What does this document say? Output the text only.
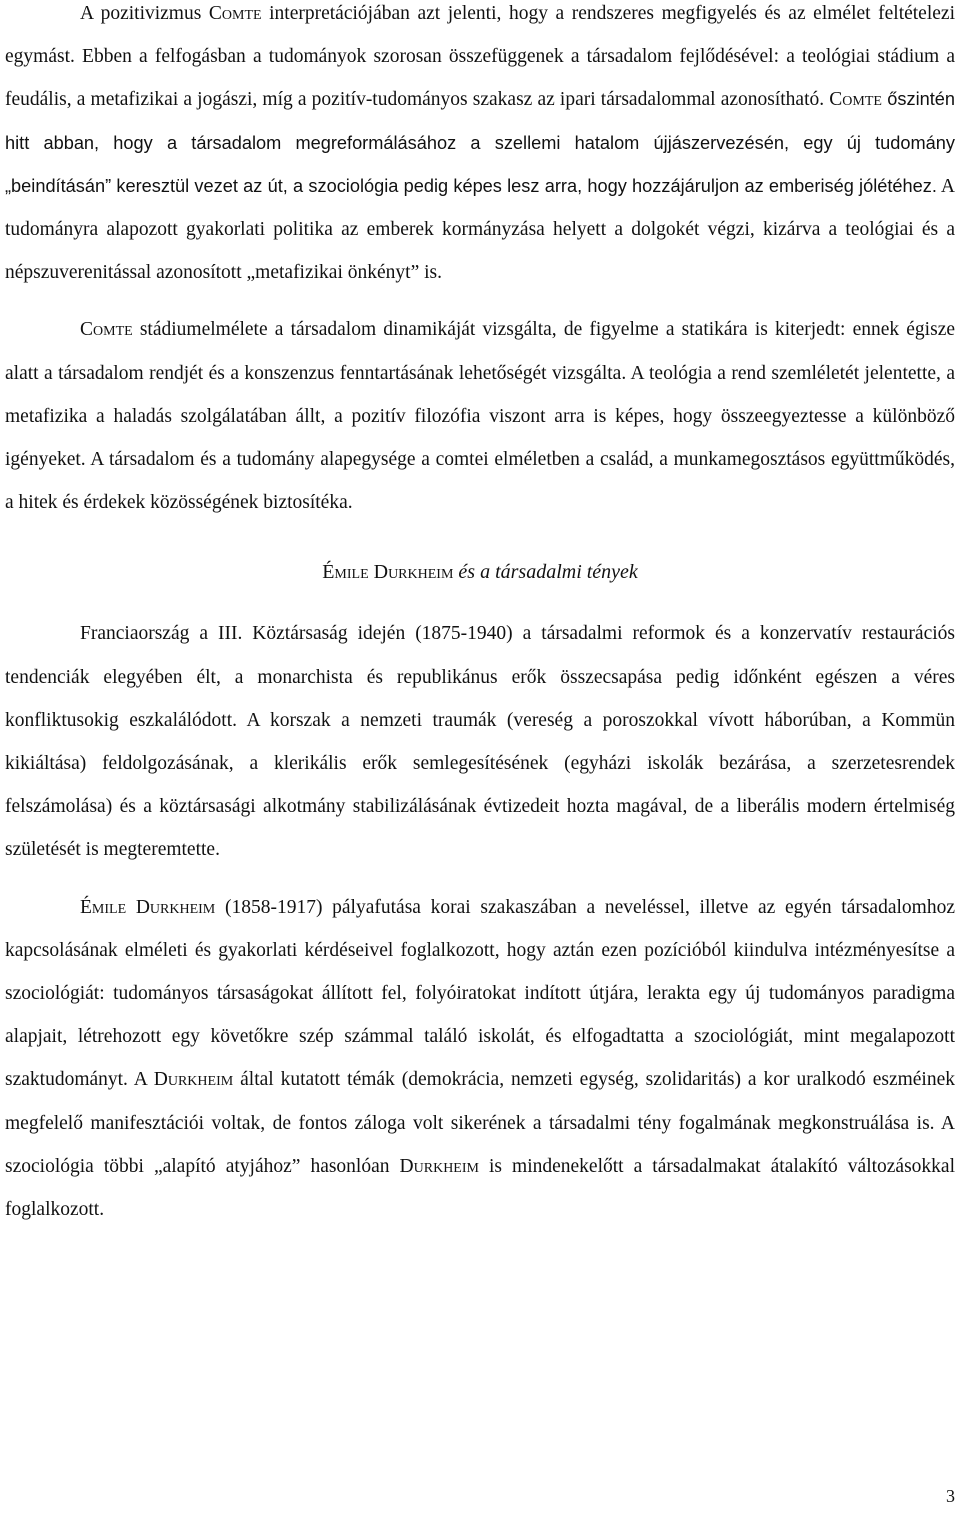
A pozitivizmus Comte interpretációjában azt jelenti, hogy a rendszeres megfigyelés és az elmélet feltételezi egymást. Ebben a felfogásban a tudományok szorosan összefüggenek a társadalom fejlődésével: a teológiai stádium a feudális, a metafizikai a jogászi, míg a pozitív-tudományos szakasz az ipari társadalommal azonosítható. Comte őszintén hitt abban, hogy a társadalom megreformálásához a szellemi hatalom újjászervezésén, egy új tudomány „beindításán” keresztül vezet az út, a szociológia pedig képes lesz arra, hogy hozzájáruljon az emberiség jólétéhez. A tudományra alapozott gyakorlati politika az emberek kormányzása helyett a dolgokét végzi, kizárva a teológiai és a népszuverenitással azonosított „metafizikai önkényt” is.

Comte stádiumelmélete a társadalom dinamikáját vizsgálta, de figyelme a statikára is kiterjedt: ennek égisze alatt a társadalom rendjét és a konszenzus fenntartásának lehetőségét vizsgálta. A teológia a rend szemléletét jelentette, a metafizika a haladás szolgálatában állt, a pozitív filozófia viszont arra is képes, hogy összeegyeztesse a különböző igényeket. A társadalom és a tudomány alapegysége a comtei elméletben a család, a munkamegosztásos együttműködés, a hitek és érdekek közösségének biztosítéka.

Émile Durkheim és a társadalmi tények

Franciaország a III. Köztársaság idején (1875-1940) a társadalmi reformok és a konzervatív restaurációs tendenciák elegyében élt, a monarchista és republikánus erők összecsapása pedig időnként egészen a véres konfliktusokig eszkalálódott. A korszak a nemzeti traumák (vereség a poroszokkal vívott háborúban, a Kommün kikiáltása) feldolgozásának, a klerikális erők semlegesítésének (egyházi iskolák bezárása, a szerzetesrendek felszámolása) és a köztársasági alkotmány stabilizálásának évtizedeit hozta magával, de a liberális modern értelmiség születését is megteremtette.

Émile Durkheim (1858-1917) pályafutása korai szakaszában a neveléssel, illetve az egyén társadalomhoz kapcsolásának elméleti és gyakorlati kérdéseivel foglalkozott, hogy aztán ezen pozícióból kiindulva intézményesítse a szociológiát: tudományos társaságokat állított fel, folyóiratokat indított útjára, lerakta egy új tudományos paradigma alapjait, létrehozott egy követőkre szép számmal találó iskolát, és elfogadtatta a szociológiát, mint megalapozott szaktudományt. A Durkheim által kutatott témák (demokrácia, nemzeti egység, szolidaritás) a kor uralkodó eszméinek megfelelő manifesztációi voltak, de fontos záloga volt sikerének a társadalmi tény fogalmának megkonstruálása is. A szociológia többi „alapító atyjához” hasonlóan Durkheim is mindenekelőtt a társadalmakat átalakító változásokkal foglalkozott.

3
